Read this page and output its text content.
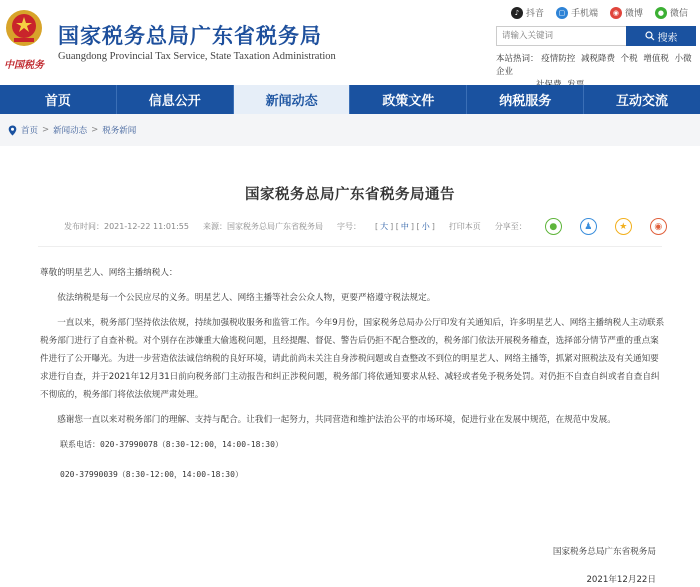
中国税务
国家税务总局广东省税务局
Guangdong Provincial Tax Service, State Taxation Administration
♪ 抖音	▢ 手机端	◉ 微博	● 微信
请输入关键词
搜索
本站热词： 疫情防控 减税降费 个税 增值税 小微企业
首页	信息公开	新闻动态	政策文件	纳税服务	互动交流
首页 > 新闻动态 > 税务新闻
国家税务总局广东省税务局通告
发布时间：2021-12-22 11:01:55 来源：国家税务总局广东省税务局 字号： [ 大 ] [ 中 ] [ 小 ] 打印本页 分享至：	●	♟	★	◉

尊敬的明星艺人、网络主播纳税人：

依法纳税是每一个公民应尽的义务。明星艺人、网络主播等社会公众人物，更要严格遵守税法规定。

一直以来，税务部门坚持依法依规，持续加强税收服务和监管工作。今年9月份，国家税务总局办公厅印发有关通知后，许多明星艺人、网络主播纳税人主动联系税务部门进行了自查补税。对个别存在涉嫌重大偷逃税问题，且经提醒、督促、警告后仍拒不配合整改的，税务部门依法开展税务稽查，选择部分情节严重的重点案件进行了公开曝光。为进一步营造依法诚信纳税的良好环境，请此前尚未关注自身涉税问题或自查整改不到位的明星艺人、网络主播等，抓紧对照税法及有关通知要求进行自查，并于2021年12月31日前向税务部门主动报告和纠正涉税问题，税务部门将依通知要求从轻、减轻或者免予税务处罚。对仍拒不自查自纠或者自查自纠不彻底的，税务部门将依法依规严肃处理。

感谢您一直以来对税务部门的理解、支持与配合。让我们一起努力，共同营造和维护法治公平的市场环境，促进行业在发展中规范，在规范中发展。

联系电话：020-37990078（8:30-12:00，14:00-18:30）

020-37990039（8:30-12:00，14:00-18:30）

国家税务总局广东省税务局
2021年12月22日
